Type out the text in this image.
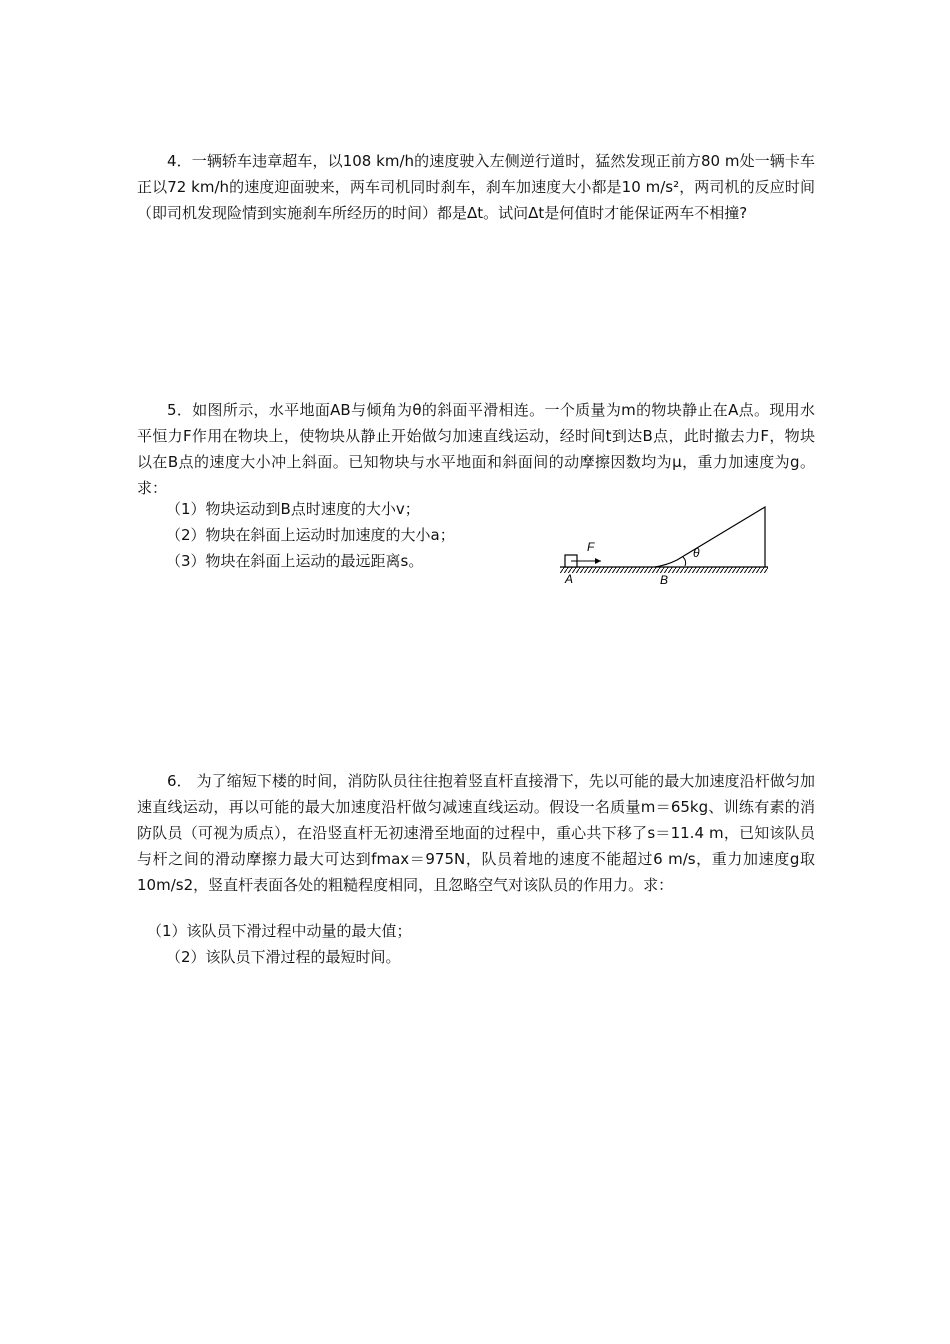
4．一辆轿车违章超车，以108 km/h的速度驶入左侧逆行道时，猛然发现正前方80 m处一辆卡车正以72 km/h的速度迎面驶来，两车司机同时刹车，刹车加速度大小都是10 m/s²，两司机的反应时间（即司机发现险情到实施刹车所经历的时间）都是Δt。试问Δt是何值时才能保证两车不相撞?

5．如图所示，水平地面AB与倾角为θ的斜面平滑相连。一个质量为m的物块静止在A点。现用水平恒力F作用在物块上，使物块从静止开始做匀加速直线运动，经时间t到达B点，此时撤去力F，物块以在B点的速度大小冲上斜面。已知物块与水平地面和斜面间的动摩擦因数均为μ，重力加速度为g。求：

（1）物块运动到B点时速度的大小v；

（2）物块在斜面上运动时加速度的大小a；

（3）物块在斜面上运动的最远距离s。	θ
F
A	B

6． 为了缩短下楼的时间，消防队员往往抱着竖直杆直接滑下，先以可能的最大加速度沿杆做匀加速直线运动，再以可能的最大加速度沿杆做匀减速直线运动。假设一名质量m＝65kg、训练有素的消防队员（可视为质点），在沿竖直杆无初速滑至地面的过程中，重心共下移了s＝11.4 m，已知该队员与杆之间的滑动摩擦力最大可达到fmax＝975N，队员着地的速度不能超过6 m/s，重力加速度g取10m/s2，竖直杆表面各处的粗糙程度相同，且忽略空气对该队员的作用力。求：

（1）该队员下滑过程中动量的最大值；

（2）该队员下滑过程的最短时间。
